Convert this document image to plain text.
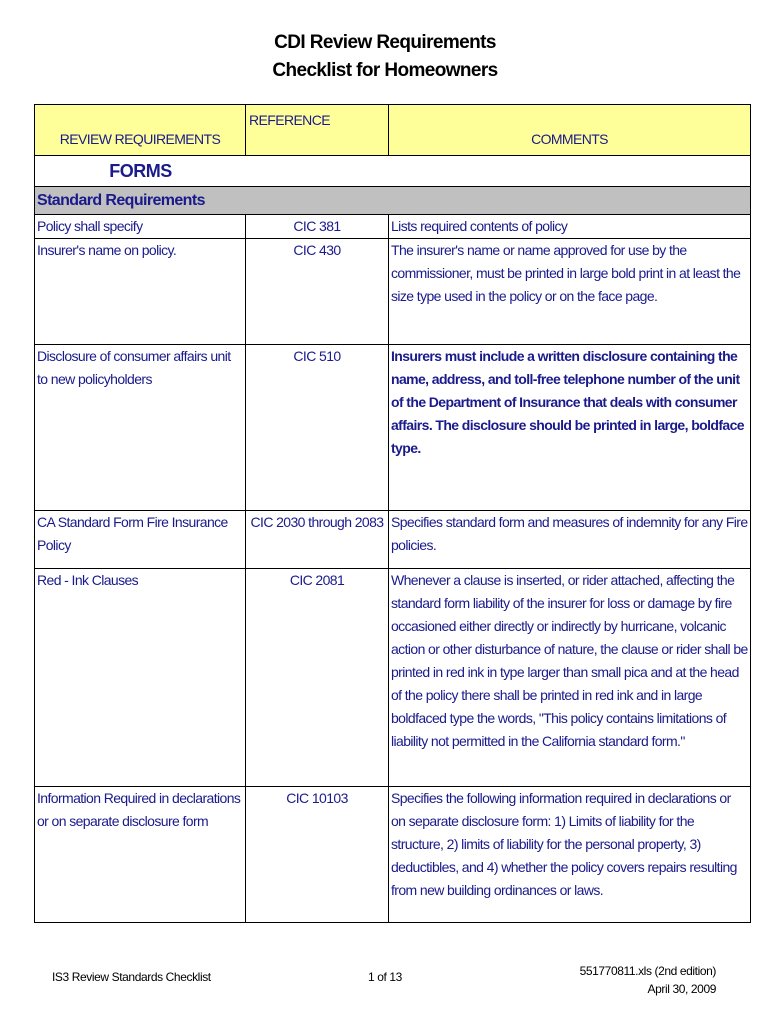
CDI Review Requirements
Checklist for Homeowners
REVIEW REQUIREMENTS	REFERENCE	COMMENTS

FORMS		

Standard Requirements		

Policy shall specify	CIC 381	Lists required contents of policy

Insurer's name on policy.	CIC 430	The insurer's name or name approved for use by the commissioner, must be printed in large bold print in at least the size type used in the policy or on the face page.

Disclosure of consumer affairs unit to new policyholders	CIC 510	Insurers must include a written disclosure containing the name, address, and toll-free telephone number of the unit of the Department of Insurance that deals with consumer affairs. The disclosure should be printed in large, boldface type.

CA Standard Form Fire Insurance Policy	CIC 2030 through 2083	Specifies standard form and measures of indemnity for any Fire policies.

Red - Ink Clauses	CIC 2081	Whenever a clause is inserted, or rider attached, affecting the standard form liability of the insurer for loss or damage by fire occasioned either directly or indirectly by hurricane, volcanic action or other disturbance of nature, the clause or rider shall be printed in red ink in type larger than small pica and at the head of the policy there shall be printed in red ink and in large boldfaced type the words, "This policy contains limitations of liability not permitted in the California standard form."

Information Required in declarations or on separate disclosure form	CIC 10103	Specifies the following information required in declarations or on separate disclosure form: 1) Limits of liability for the structure, 2) limits of liability for the personal property, 3) deductibles, and 4) whether the policy covers repairs resulting from new building ordinances or laws.
IS3 Review Standards Checklist	1 of 13	551770811.xls (2nd edition)
April 30, 2009
